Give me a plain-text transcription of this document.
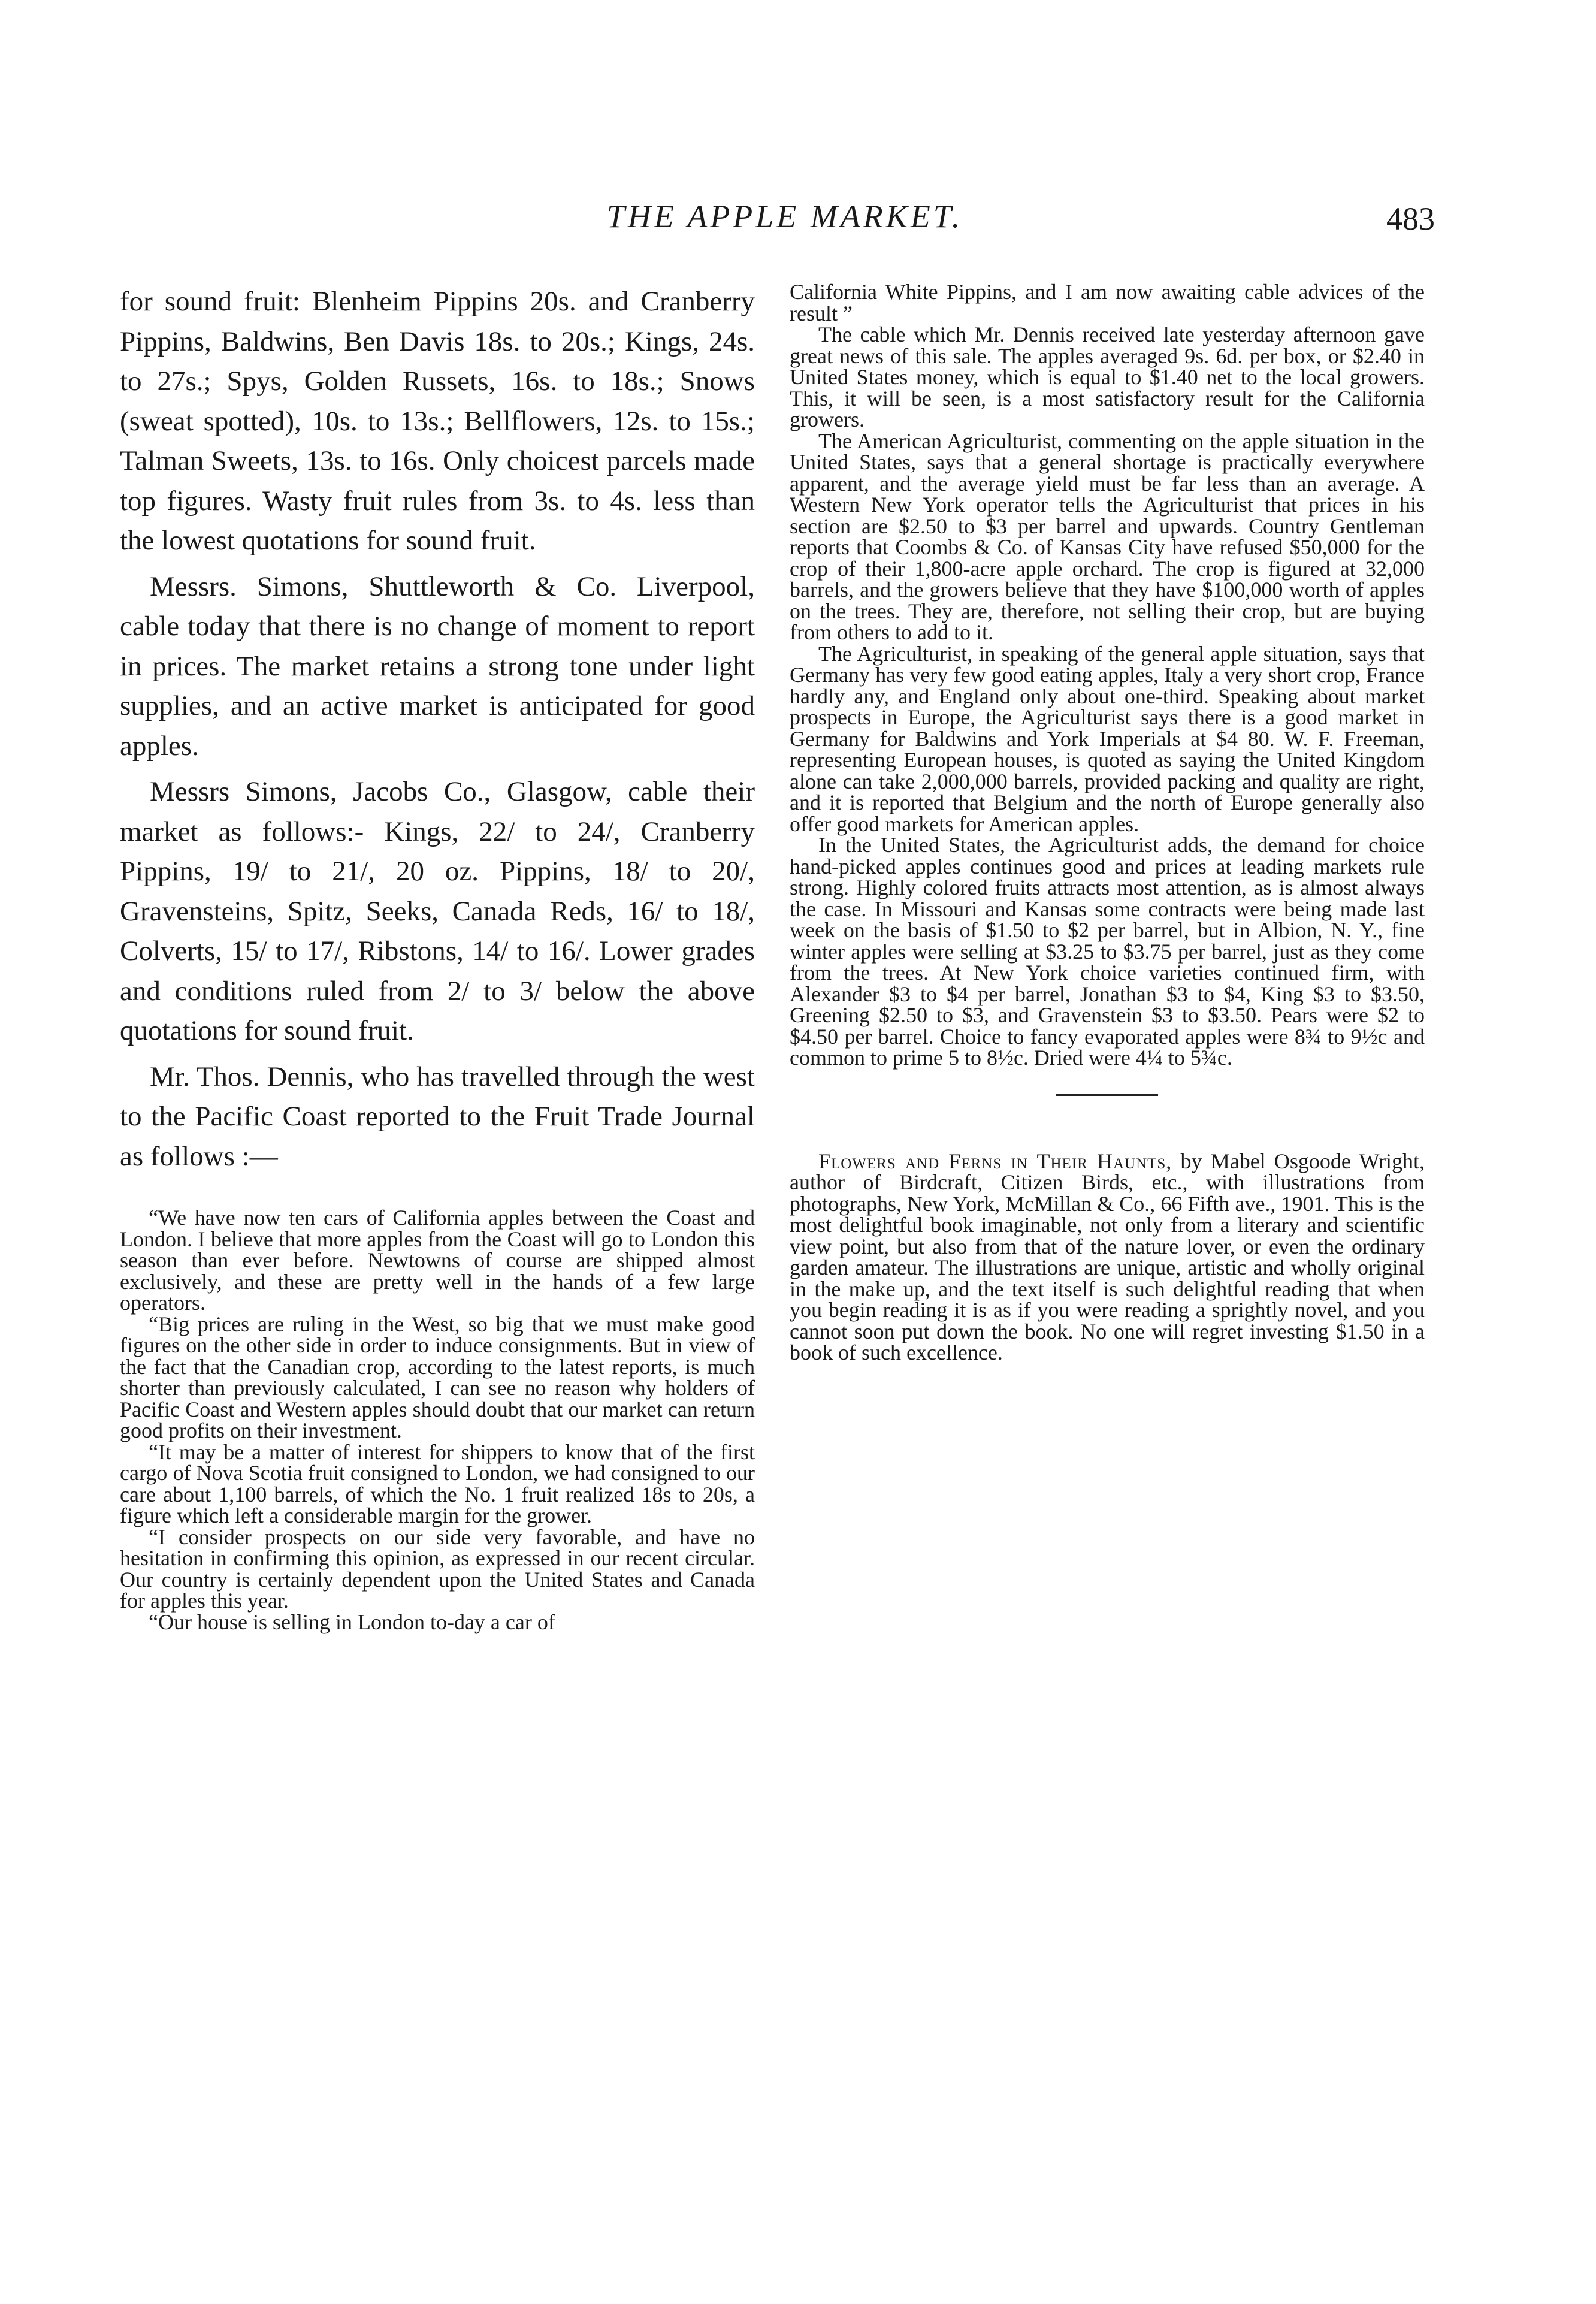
THE APPLE MARKET.	483

for sound fruit: Blenheim Pippins 20s. and Cranberry Pippins, Baldwins, Ben Davis 18s. to 20s.; Kings, 24s. to 27s.; Spys, Golden Russets, 16s. to 18s.; Snows (sweat spotted), 10s. to 13s.; Bellflowers, 12s. to 15s.; Talman Sweets, 13s. to 16s. Only choicest parcels made top figures. Wasty fruit rules from 3s. to 4s. less than the lowest quotations for sound fruit.

Messrs. Simons, Shuttleworth & Co. Liverpool, cable today that there is no change of moment to report in prices. The market retains a strong tone under light supplies, and an active market is anticipated for good apples.

Messrs Simons, Jacobs Co., Glasgow, cable their market as follows:- Kings, 22/ to 24/, Cranberry Pippins, 19/ to 21/, 20 oz. Pippins, 18/ to 20/, Gravensteins, Spitz, Seeks, Canada Reds, 16/ to 18/, Colverts, 15/ to 17/, Ribstons, 14/ to 16/. Lower grades and conditions ruled from 2/ to 3/ below the above quotations for sound fruit.

Mr. Thos. Dennis, who has travelled through the west to the Pacific Coast reported to the Fruit Trade Journal as follows :—

“We have now ten cars of California apples between the Coast and London. I believe that more apples from the Coast will go to London this season than ever before. Newtowns of course are shipped almost exclusively, and these are pretty well in the hands of a few large operators.

“Big prices are ruling in the West, so big that we must make good figures on the other side in order to induce consignments. But in view of the fact that the Canadian crop, according to the latest reports, is much shorter than previously calculated, I can see no reason why holders of Pacific Coast and Western apples should doubt that our market can return good profits on their investment.

“It may be a matter of interest for shippers to know that of the first cargo of Nova Scotia fruit consigned to London, we had consigned to our care about 1,100 barrels, of which the No. 1 fruit realized 18s to 20s, a figure which left a considerable margin for the grower.

“I consider prospects on our side very favorable, and have no hesitation in confirming this opinion, as expressed in our recent circular. Our country is certainly dependent upon the United States and Canada for apples this year.

“Our house is selling in London to-day a car of

California White Pippins, and I am now awaiting cable advices of the result ”

The cable which Mr. Dennis received late yesterday afternoon gave great news of this sale. The apples averaged 9s. 6d. per box, or $2.40 in United States money, which is equal to $1.40 net to the local growers. This, it will be seen, is a most satisfactory result for the California growers.

The American Agriculturist, commenting on the apple situation in the United States, says that a general shortage is practically everywhere apparent, and the average yield must be far less than an average. A Western New York operator tells the Agriculturist that prices in his section are $2.50 to $3 per barrel and upwards. Country Gentleman reports that Coombs & Co. of Kansas City have refused $50,000 for the crop of their 1,800-acre apple orchard. The crop is figured at 32,000 barrels, and the growers believe that they have $100,000 worth of apples on the trees. They are, therefore, not selling their crop, but are buying from others to add to it.

The Agriculturist, in speaking of the general apple situation, says that Germany has very few good eating apples, Italy a very short crop, France hardly any, and England only about one-third. Speaking about market prospects in Europe, the Agriculturist says there is a good market in Germany for Baldwins and York Imperials at $4 80. W. F. Freeman, representing European houses, is quoted as saying the United Kingdom alone can take 2,000,000 barrels, provided packing and quality are right, and it is reported that Belgium and the north of Europe generally also offer good markets for American apples.

In the United States, the Agriculturist adds, the demand for choice hand-picked apples continues good and prices at leading markets rule strong. Highly colored fruits attracts most attention, as is almost always the case. In Missouri and Kansas some contracts were being made last week on the basis of $1.50 to $2 per barrel, but in Albion, N. Y., fine winter apples were selling at $3.25 to $3.75 per barrel, just as they come from the trees. At New York choice varieties continued firm, with Alexander $3 to $4 per barrel, Jonathan $3 to $4, King $3 to $3.50, Greening $2.50 to $3, and Gravenstein $3 to $3.50. Pears were $2 to $4.50 per barrel. Choice to fancy evaporated apples were 8¾ to 9½c and common to prime 5 to 8½c. Dried were 4¼ to 5¾c.

Flowers and Ferns in Their Haunts, by Mabel Osgoode Wright, author of Birdcraft, Citizen Birds, etc., with illustrations from photographs, New York, McMillan & Co., 66 Fifth ave., 1901. This is the most delightful book imaginable, not only from a literary and scientific view point, but also from that of the nature lover, or even the ordinary garden amateur. The illustrations are unique, artistic and wholly original in the make up, and the text itself is such delightful reading that when you begin reading it is as if you were reading a sprightly novel, and you cannot soon put down the book. No one will regret investing $1.50 in a book of such excellence.
